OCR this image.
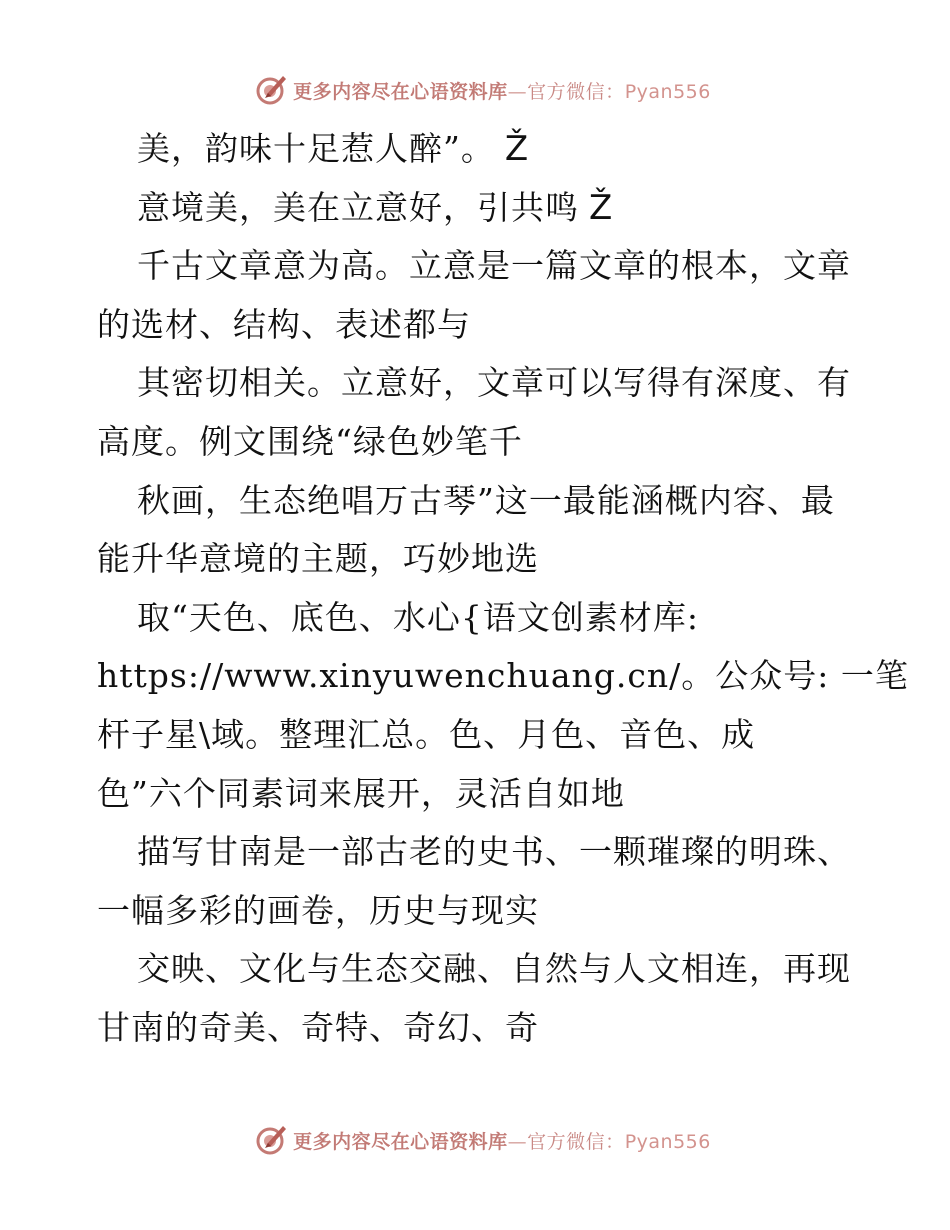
更多内容尽在心语资料库—官方微信：Pyan556
美，韵味十足惹人醉”。 Ž
意境美，美在立意好，引共鸣 Ž
千古文章意为高。立意是一篇文章的根本，文章
的选材、结构、表述都与
其密切相关。立意好，文章可以写得有深度、有
高度。例文围绕“绿色妙笔千
秋画，生态绝唱万古琴”这一最能涵概内容、最
能升华意境的主题，巧妙地选
取“天色、底色、水心{语文创素材库:
https://www.xinyuwenchuang.cn/。公众号: 一笔
杆子星\域。整理汇总。色、月色、音色、成
色”六个同素词来展开，灵活自如地
描写甘南是一部古老的史书、一颗璀璨的明珠、
一幅多彩的画卷，历史与现实
交映、文化与生态交融、自然与人文相连，再现
甘南的奇美、奇特、奇幻、奇
更多内容尽在心语资料库—官方微信：Pyan556
